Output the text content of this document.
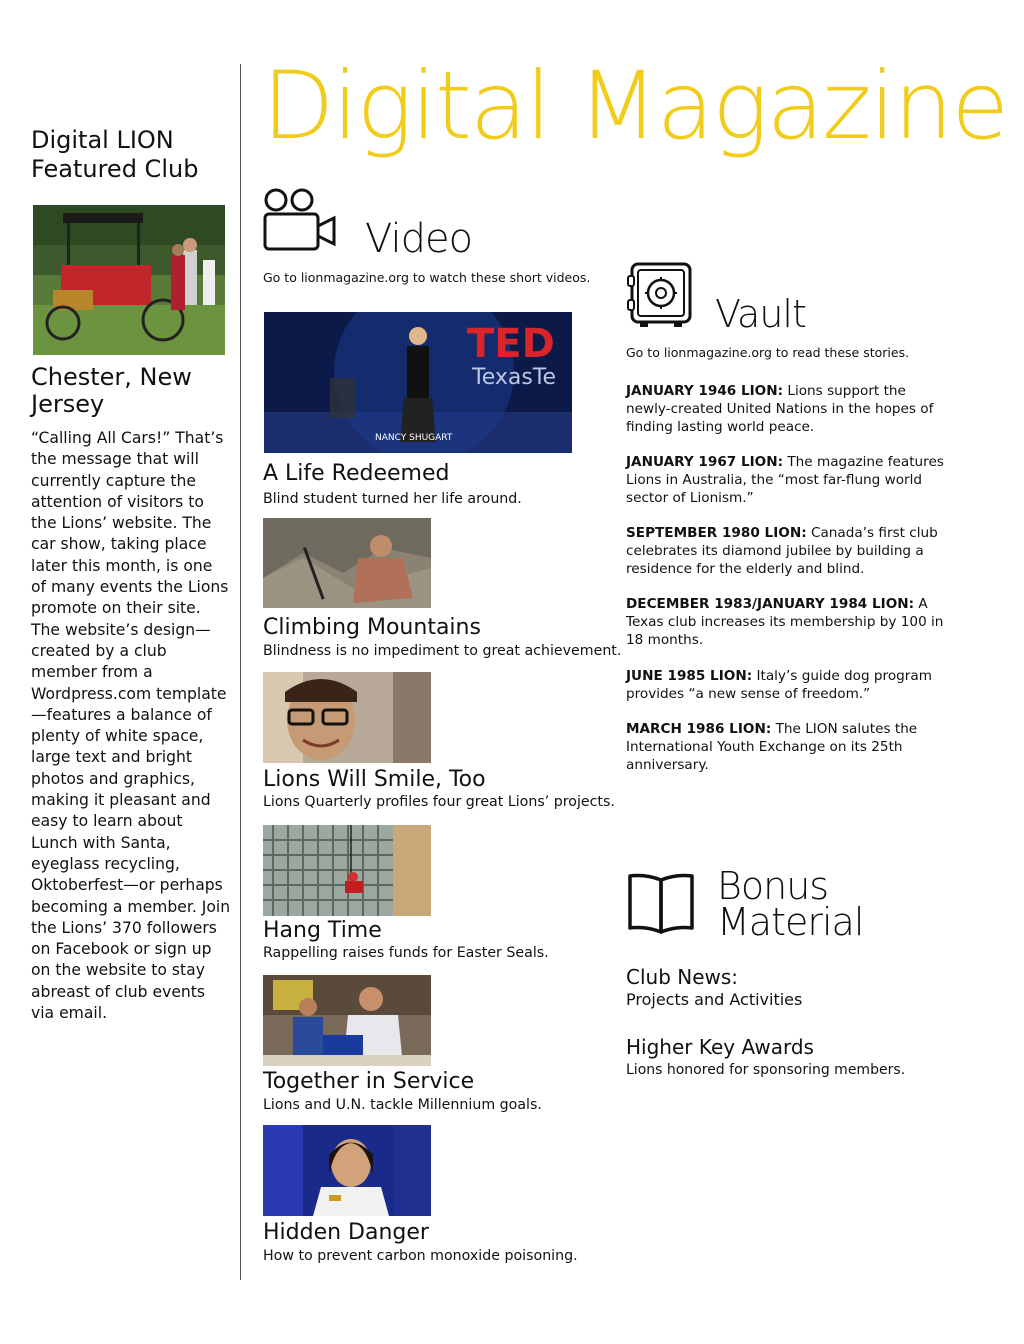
Digital LION Featured Club
Chester, New Jersey
“Calling All Cars!” That’s the message that will currently capture the attention of visitors to the Lions’ website. The car show, taking place later this month, is one of many events the Lions promote on their site. The website’s design—created by a club member from a Wordpress.com template—features a balance of plenty of white space, large text and bright photos and graphics, making it pleasant and easy to learn about Lunch with Santa, eyeglass recycling, Oktoberfest—or perhaps becoming a member. Join the Lions’ 370 followers on Facebook or sign up on the website to stay abreast of club events via email.
Digital Magazine
Video
Go to lionmagazine.org to watch these short videos.
TED
TexasTe
NANCY SHUGART
A Life Redeemed
Blind student turned her life around.
Climbing Mountains
Blindness is no impediment to great achievement.
Lions Will Smile, Too
Lions Quarterly profiles four great Lions’ projects.
Hang Time
Rappelling raises funds for Easter Seals.
Together in Service
Lions and U.N. tackle Millennium goals.
Hidden Danger
How to prevent carbon monoxide poisoning.
Vault
Go to lionmagazine.org to read these stories.
JANUARY 1946 LION: Lions support the newly-created United Nations in the hopes of finding lasting world peace.
JANUARY 1967 LION: The magazine features Lions in Australia, the “most far-flung world sector of Lionism.”
SEPTEMBER 1980 LION: Canada’s first club celebrates its diamond jubilee by building a residence for the elderly and blind.
DECEMBER 1983/JANUARY 1984 LION: A Texas club increases its membership by 100 in 18 months.
JUNE 1985 LION: Italy’s guide dog program provides “a new sense of freedom.”
MARCH 1986 LION: The LION salutes the International Youth Exchange on its 25th anniversary.
Bonus Material
Club News:
Projects and Activities
Higher Key Awards
Lions honored for sponsoring members.
